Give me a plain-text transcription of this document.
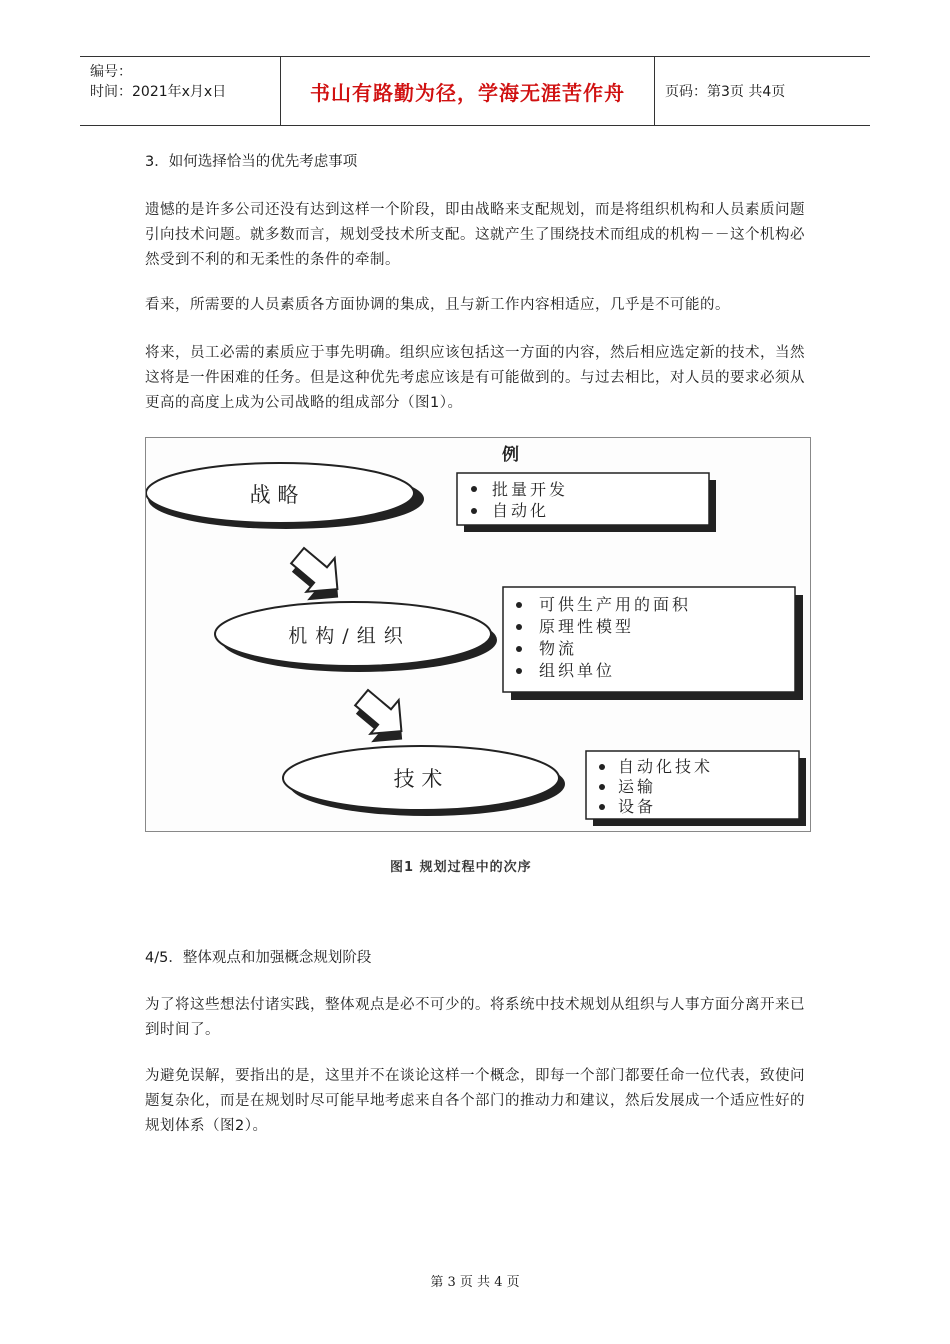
编号：
时间：2021年x月x日	书山有路勤为径，学海无涯苦作舟	页码：第3页 共4页
3．如何选择恰当的优先考虑事项
遗憾的是许多公司还没有达到这样一个阶段，即由战略来支配规划，而是将组织机构和人员素质问题引向技术问题。就多数而言，规划受技术所支配。这就产生了围绕技术而组成的机构－－这个机构必然受到不利的和无柔性的条件的牵制。
看来，所需要的人员素质各方面协调的集成，且与新工作内容相适应，几乎是不可能的。
将来，员工必需的素质应于事先明确。组织应该包括这一方面的内容，然后相应选定新的技术，当然这将是一件困难的任务。但是这种优先考虑应该是有可能做到的。与过去相比，对人员的要求必须从更高的高度上成为公司战略的组成部分（图1）。
例
战 略	批量开发
自动化
机 构 / 组 织
可供生产用的面积
原理性模型
物流
组织单位
技 术
自动化技术
运输
设备
图1 规划过程中的次序
4/5．整体观点和加强概念规划阶段
为了将这些想法付诸实践，整体观点是必不可少的。将系统中技术规划从组织与人事方面分离开来已到时间了。
为避免误解，要指出的是，这里并不在谈论这样一个概念，即每一个部门都要任命一位代表，致使问题复杂化，而是在规划时尽可能早地考虑来自各个部门的推动力和建议，然后发展成一个适应性好的规划体系（图2）。
第 3 页 共 4 页
